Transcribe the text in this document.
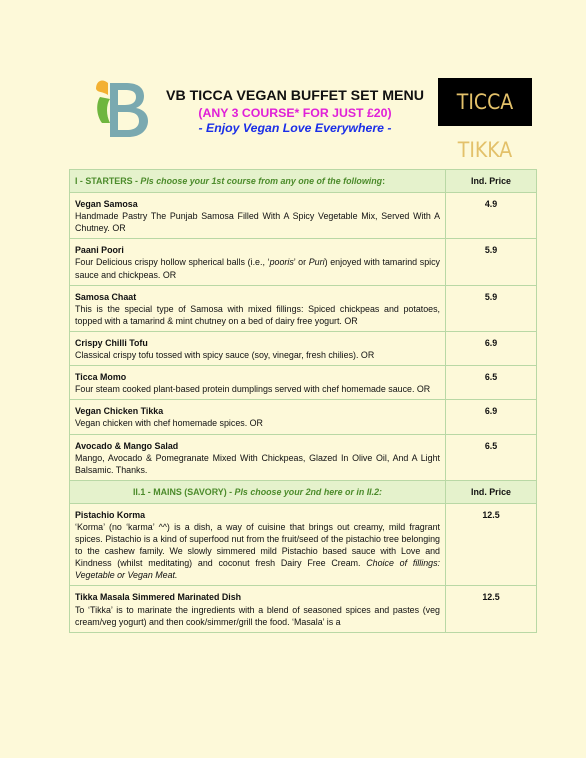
VB TICCA VEGAN BUFFET SET MENU
(ANY 3 COURSE* FOR JUST £20)
- Enjoy Vegan Love Everywhere -
TICCA TIKKA
I - STARTERS - Pls choose your 1st course from any one of the following:	Ind. Price

Vegan Samosa
Handmade Pastry The Punjab Samosa Filled With A Spicy Vegetable Mix, Served With A Chutney. OR	4.9

Paani Poori
Four Delicious crispy hollow spherical balls (i.e., ‘pooris’ or Puri) enjoyed with tamarind spicy sauce and chickpeas. OR	5.9

Samosa Chaat
This is the special type of Samosa with mixed fillings: Spiced chickpeas and potatoes, topped with a tamarind & mint chutney on a bed of dairy free yogurt. OR	5.9

Crispy Chilli Tofu
Classical crispy tofu tossed with spicy sauce (soy, vinegar, fresh chilies). OR	6.9

Ticca Momo
Four steam cooked plant-based protein dumplings served with chef homemade sauce. OR	6.5

Vegan Chicken Tikka
Vegan chicken with chef homemade spices. OR	6.9

Avocado & Mango Salad
Mango, Avocado & Pomegranate Mixed With Chickpeas, Glazed In Olive Oil, And A Light Balsamic. Thanks.	6.5
II.1 - MAINS (SAVORY) - Pls choose your 2nd here or in II.2:	Ind. Price

Pistachio Korma
‘Korma’ (no ‘karma’ ^^) is a dish, a way of cuisine that brings out creamy, mild fragrant spices. Pistachio is a kind of superfood nut from the fruit/seed of the pistachio tree belonging to the cashew family. We slowly simmered mild Pistachio based sauce with Love and Kindness (whilst meditating) and coconut fresh Dairy Free Cream. Choice of fillings: Vegetable or Vegan Meat.	12.5

Tikka Masala Simmered Marinated Dish
To ‘Tikka’ is to marinate the ingredients with a blend of seasoned spices and pastes (veg cream/veg yogurt) and then cook/simmer/grill the food. ‘Masala’ is a	12.5
